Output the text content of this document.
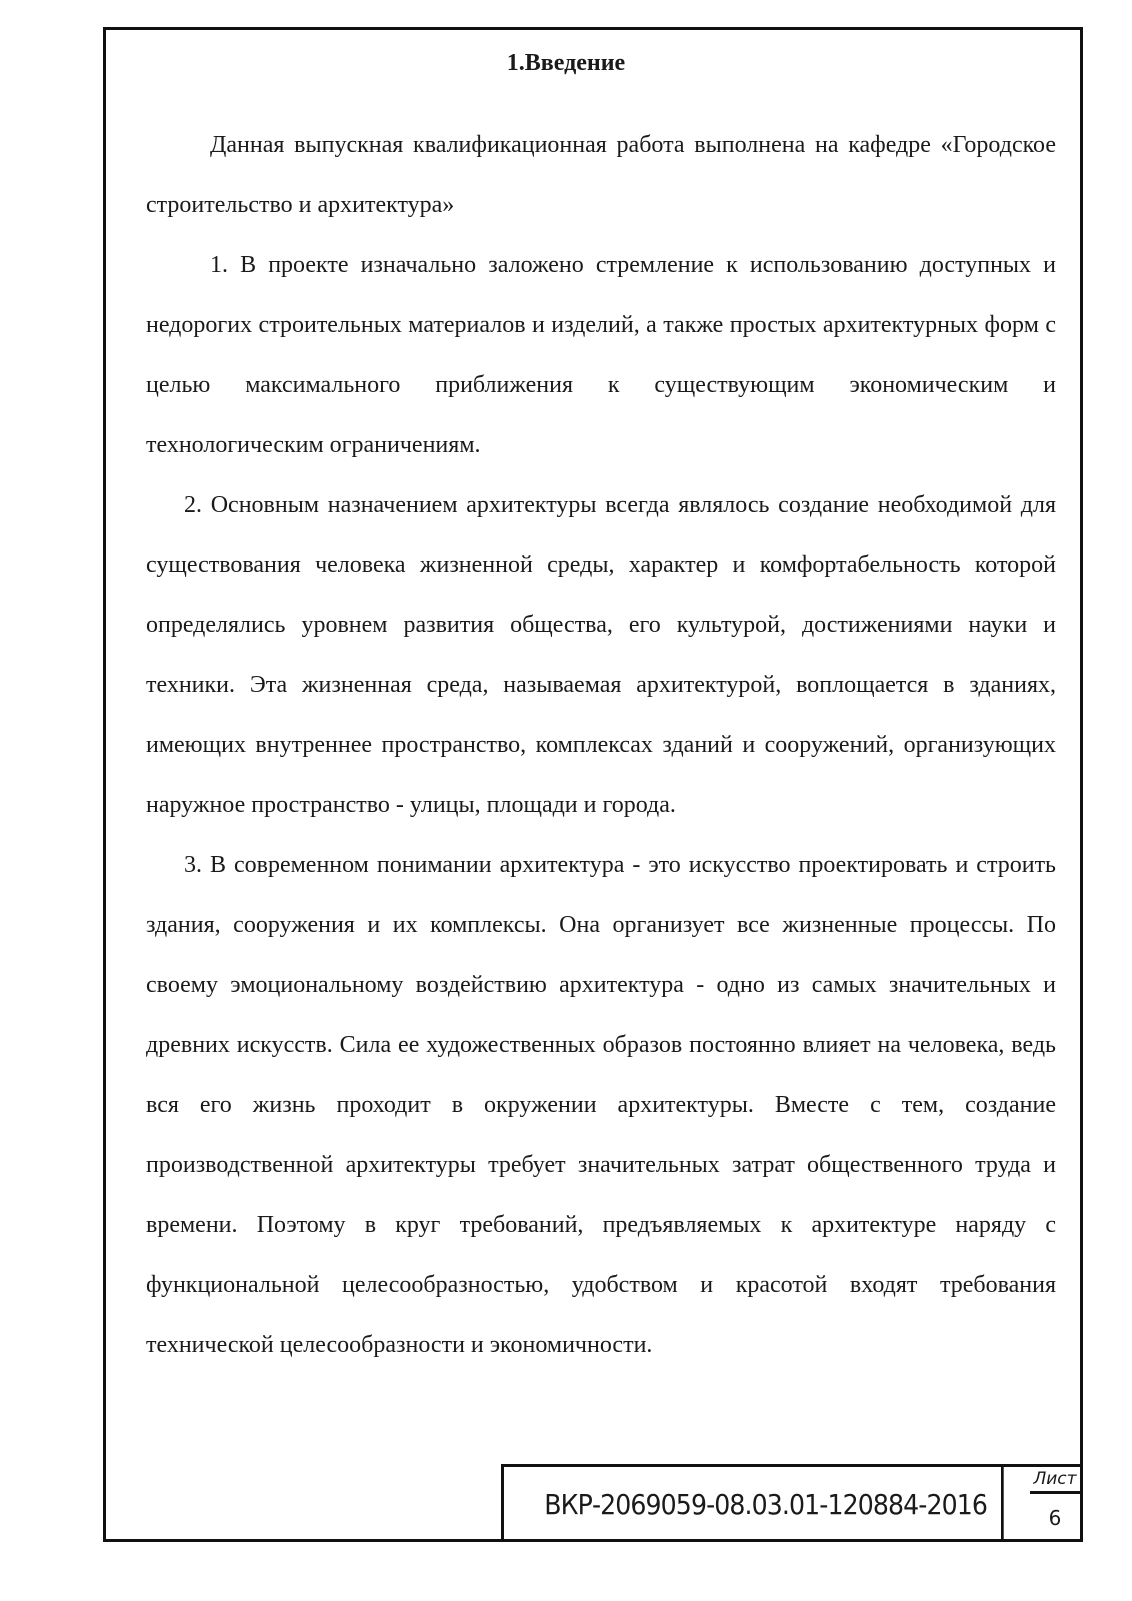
1.Введение

Данная выпускная квалификационная работа выполнена на кафедре «Городское строительство и архитектура»

1. В проекте изначально заложено стремление к использованию доступных и недорогих строительных материалов и изделий, а также простых архитектурных форм с целью максимального приближения к существующим экономическим и технологическим ограничениям.

2. Основным назначением архитектуры всегда являлось создание необходимой для существования человека жизненной среды, характер и комфортабельность которой определялись уровнем развития общества, его культурой, достижениями науки и техники. Эта жизненная среда, называемая архитектурой, воплощается в зданиях, имеющих внутреннее пространство, комплексах зданий и сооружений, организующих наружное пространство - улицы, площади и города.

3. В современном понимании архитектура - это искусство проектировать и строить здания, сооружения и их комплексы. Она организует все жизненные процессы. По своему эмоциональному воздействию архитектура - одно из самых значительных и древних искусств. Сила ее художественных образов постоянно влияет на человека, ведь вся его жизнь проходит в окружении архитектуры. Вместе с тем, создание производственной архитектуры требует значительных затрат общественного труда и времени. Поэтому в круг требований, предъявляемых к архитектуре наряду с функциональной целесообразностью, удобством и красотой входят требования технической целесообразности и экономичности.

ВКР-2069059-08.03.01-120884-2016
Лист
6
